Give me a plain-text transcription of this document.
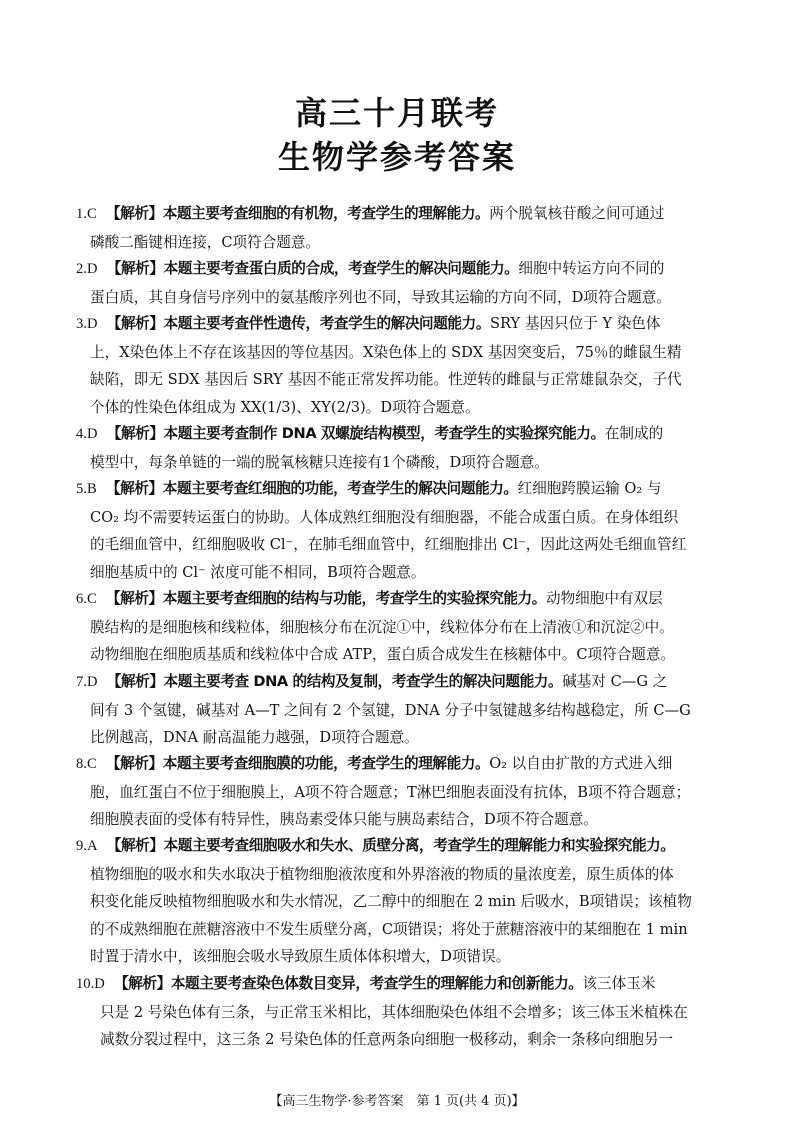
高三十月联考
生物学参考答案
1.C 【解析】本题主要考查细胞的有机物，考查学生的理解能力。两个脱氧核苷酸之间可通过
磷酸二酯键相连接，C项符合题意。
2.D 【解析】本题主要考查蛋白质的合成，考查学生的解决问题能力。细胞中转运方向不同的
蛋白质，其自身信号序列中的氨基酸序列也不同，导致其运输的方向不同，D项符合题意。
3.D 【解析】本题主要考查伴性遗传，考查学生的解决问题能力。SRY 基因只位于 Y 染色体
上，X染色体上不存在该基因的等位基因。X染色体上的 SDX 基因突变后，75％的雌鼠生精
缺陷，即无 SDX 基因后 SRY 基因不能正常发挥功能。性逆转的雌鼠与正常雄鼠杂交，子代
个体的性染色体组成为 XX(1/3)、XY(2/3)。D项符合题意。
4.D 【解析】本题主要考查制作 DNA 双螺旋结构模型，考查学生的实验探究能力。在制成的
模型中，每条单链的一端的脱氧核糖只连接有1个磷酸，D项符合题意。
5.B 【解析】本题主要考查红细胞的功能，考查学生的解决问题能力。红细胞跨膜运输 O₂ 与
CO₂ 均不需要转运蛋白的协助。人体成熟红细胞没有细胞器，不能合成蛋白质。在身体组织
的毛细血管中，红细胞吸收 Cl⁻，在肺毛细血管中，红细胞排出 Cl⁻，因此这两处毛细血管红
细胞基质中的 Cl⁻ 浓度可能不相同，B项符合题意。
6.C 【解析】本题主要考查细胞的结构与功能，考查学生的实验探究能力。动物细胞中有双层
膜结构的是细胞核和线粒体，细胞核分布在沉淀①中，线粒体分布在上清液①和沉淀②中。
动物细胞在细胞质基质和线粒体中合成 ATP，蛋白质合成发生在核糖体中。C项符合题意。
7.D 【解析】本题主要考查 DNA 的结构及复制，考查学生的解决问题能力。碱基对 C—G 之
间有 3 个氢键，碱基对 A—T 之间有 2 个氢键，DNA 分子中氢键越多结构越稳定，所 C—G
比例越高，DNA 耐高温能力越强，D项符合题意。
8.C 【解析】本题主要考查细胞膜的功能，考查学生的理解能力。O₂ 以自由扩散的方式进入细
胞，血红蛋白不位于细胞膜上，A项不符合题意；T淋巴细胞表面没有抗体，B项不符合题意；
细胞膜表面的受体有特异性，胰岛素受体只能与胰岛素结合，D项不符合题意。
9.A 【解析】本题主要考查细胞吸水和失水、质壁分离，考查学生的理解能力和实验探究能力。
植物细胞的吸水和失水取决于植物细胞液浓度和外界溶液的物质的量浓度差，原生质体的体
积变化能反映植物细胞吸水和失水情况，乙二醇中的细胞在 2 min 后吸水，B项错误；该植物
的不成熟细胞在蔗糖溶液中不发生质壁分离，C项错误；将处于蔗糖溶液中的某细胞在 1 min
时置于清水中，该细胞会吸水导致原生质体体积增大，D项错误。
10.D 【解析】本题主要考查染色体数目变异，考查学生的理解能力和创新能力。该三体玉米
只是 2 号染色体有三条，与正常玉米相比，其体细胞染色体组不会增多；该三体玉米植株在
减数分裂过程中，这三条 2 号染色体的任意两条向细胞一极移动，剩余一条移向细胞另一
【高三生物学·参考答案　第 1 页(共 4 页)】
